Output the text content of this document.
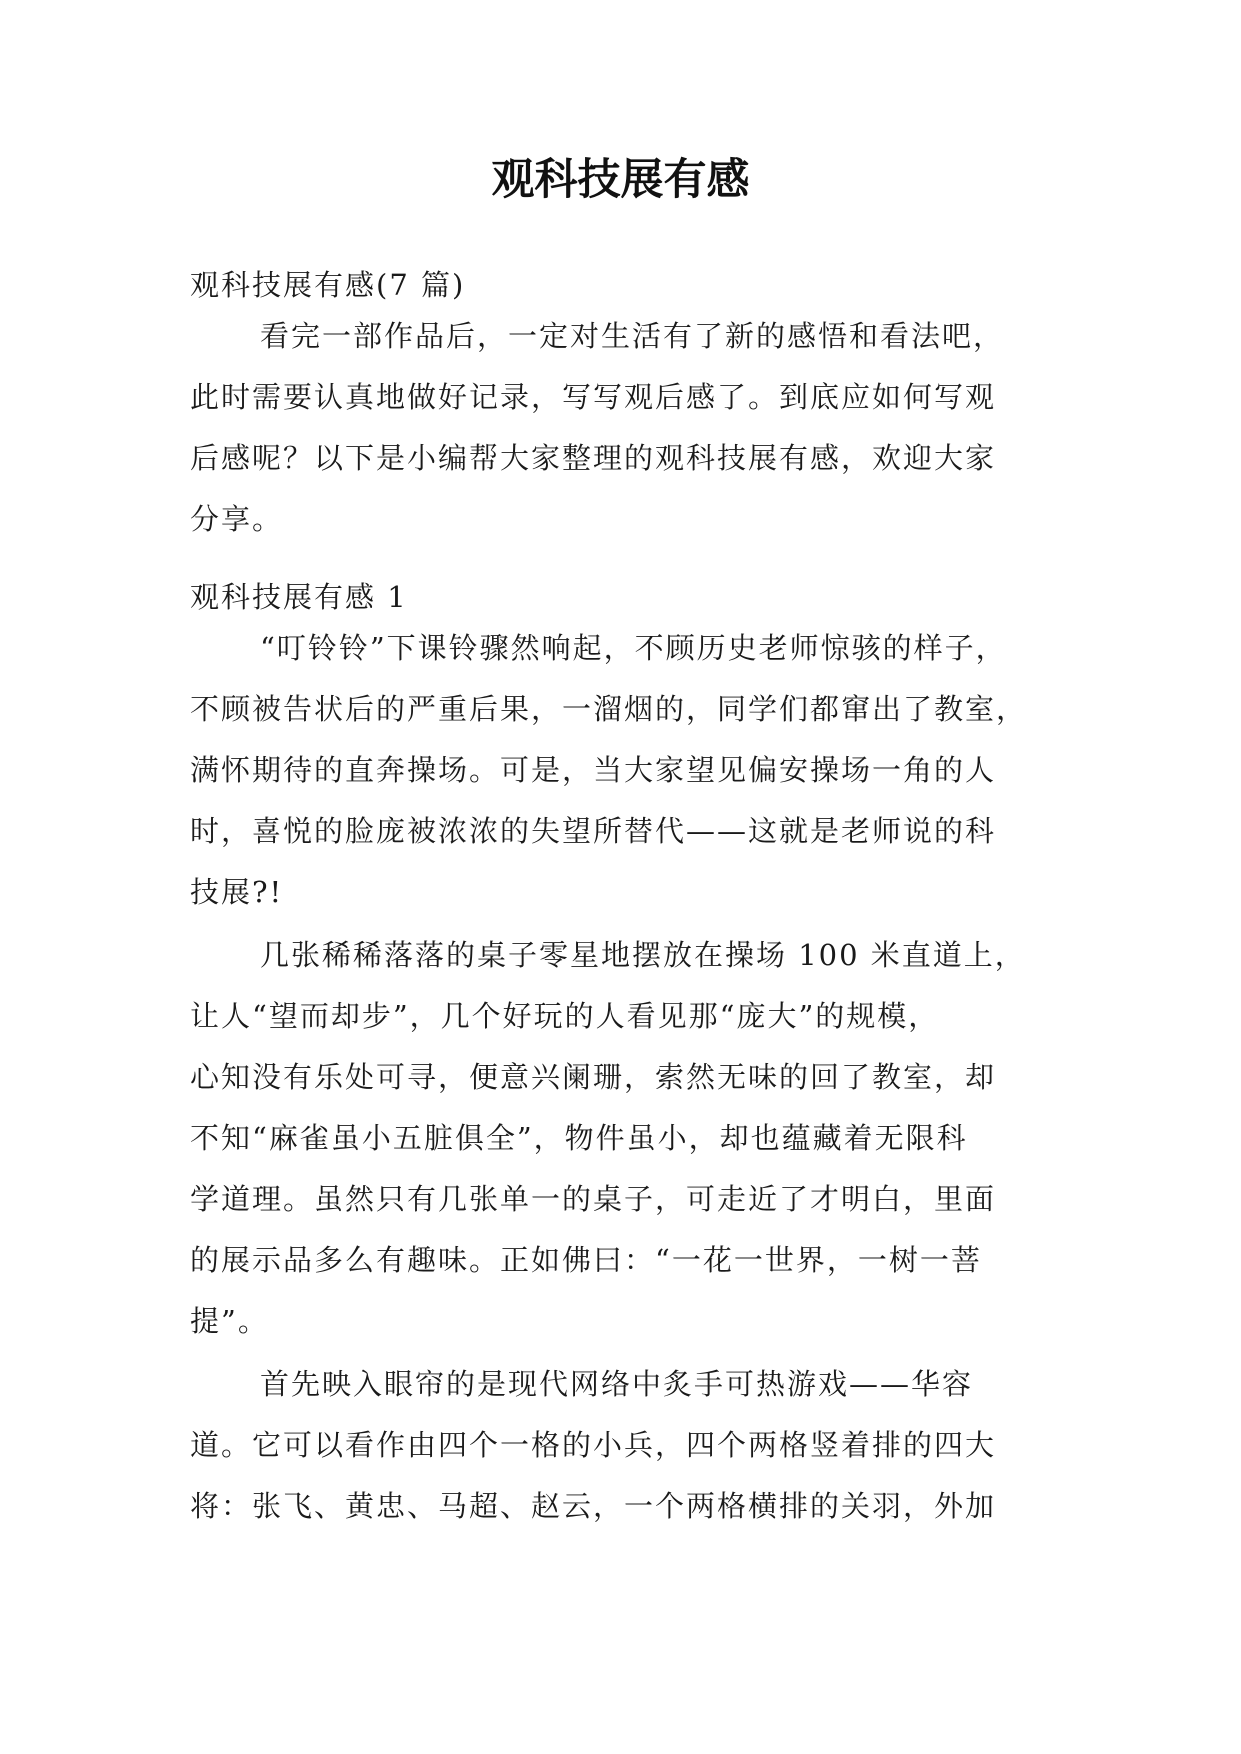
观科技展有感
观科技展有感(7 篇)
看完一部作品后，一定对生活有了新的感悟和看法吧，
此时需要认真地做好记录，写写观后感了。到底应如何写观
后感呢？以下是小编帮大家整理的观科技展有感，欢迎大家
分享。
观科技展有感 1
“叮铃铃”下课铃骤然响起，不顾历史老师惊骇的样子，
不顾被告状后的严重后果，一溜烟的，同学们都窜出了教室，
满怀期待的直奔操场。可是，当大家望见偏安操场一角的人
时，喜悦的脸庞被浓浓的失望所替代——这就是老师说的科
技展?!
几张稀稀落落的桌子零星地摆放在操场 100 米直道上，
让人“望而却步”，几个好玩的人看见那“庞大”的规模，
心知没有乐处可寻，便意兴阑珊，索然无味的回了教室，却
不知“麻雀虽小五脏俱全”，物件虽小，却也蕴藏着无限科
学道理。虽然只有几张单一的桌子，可走近了才明白，里面
的展示品多么有趣味。正如佛曰：“一花一世界，一树一菩
提”。
首先映入眼帘的是现代网络中炙手可热游戏——华容
道。它可以看作由四个一格的小兵，四个两格竖着排的四大
将：张飞、黄忠、马超、赵云，一个两格横排的关羽，外加
